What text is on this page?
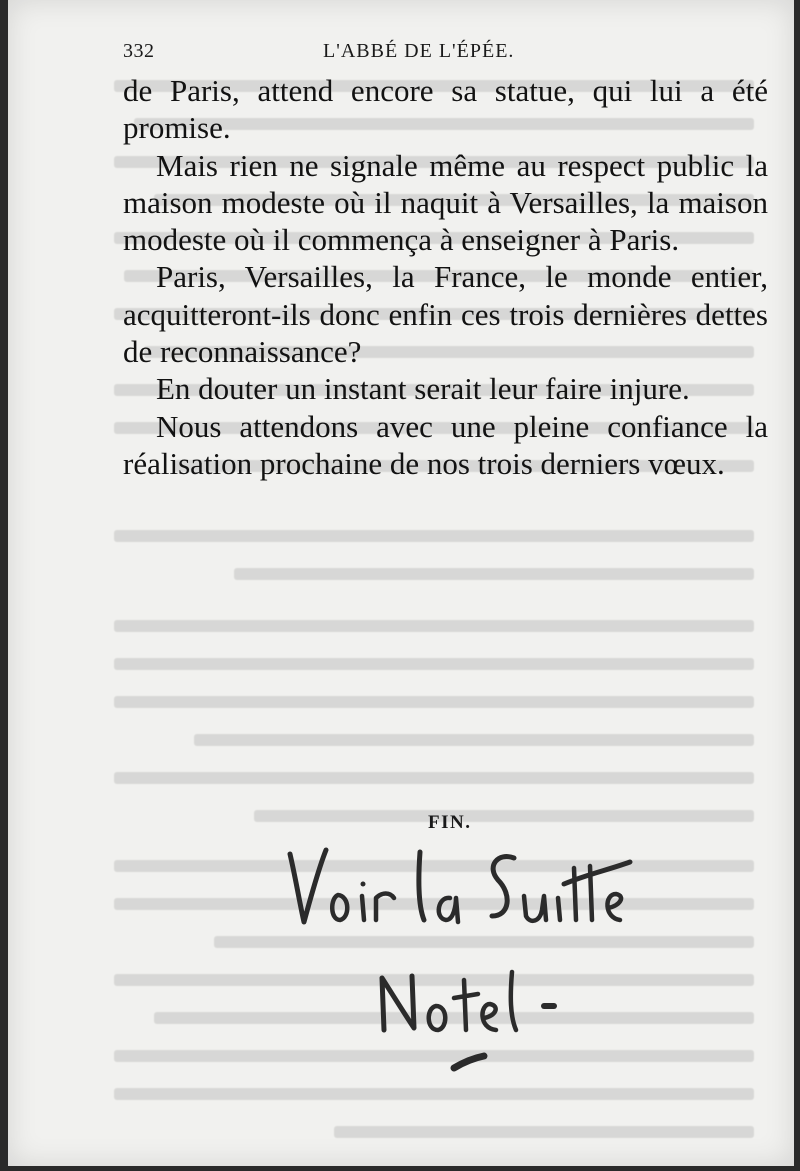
332	L'ABBÉ DE L'ÉPÉE.

de Paris, attend encore sa statue, qui lui a été promise.

Mais rien ne signale même au respect public la maison modeste où il naquit à Versailles, la maison modeste où il commença à enseigner à Paris.

Paris, Versailles, la France, le monde entier, acquitteront-ils donc enfin ces trois dernières dettes de reconnaissance?

En douter un instant serait leur faire injure.

Nous attendons avec une pleine confiance la réalisation prochaine de nos trois derniers vœux.

FIN.
